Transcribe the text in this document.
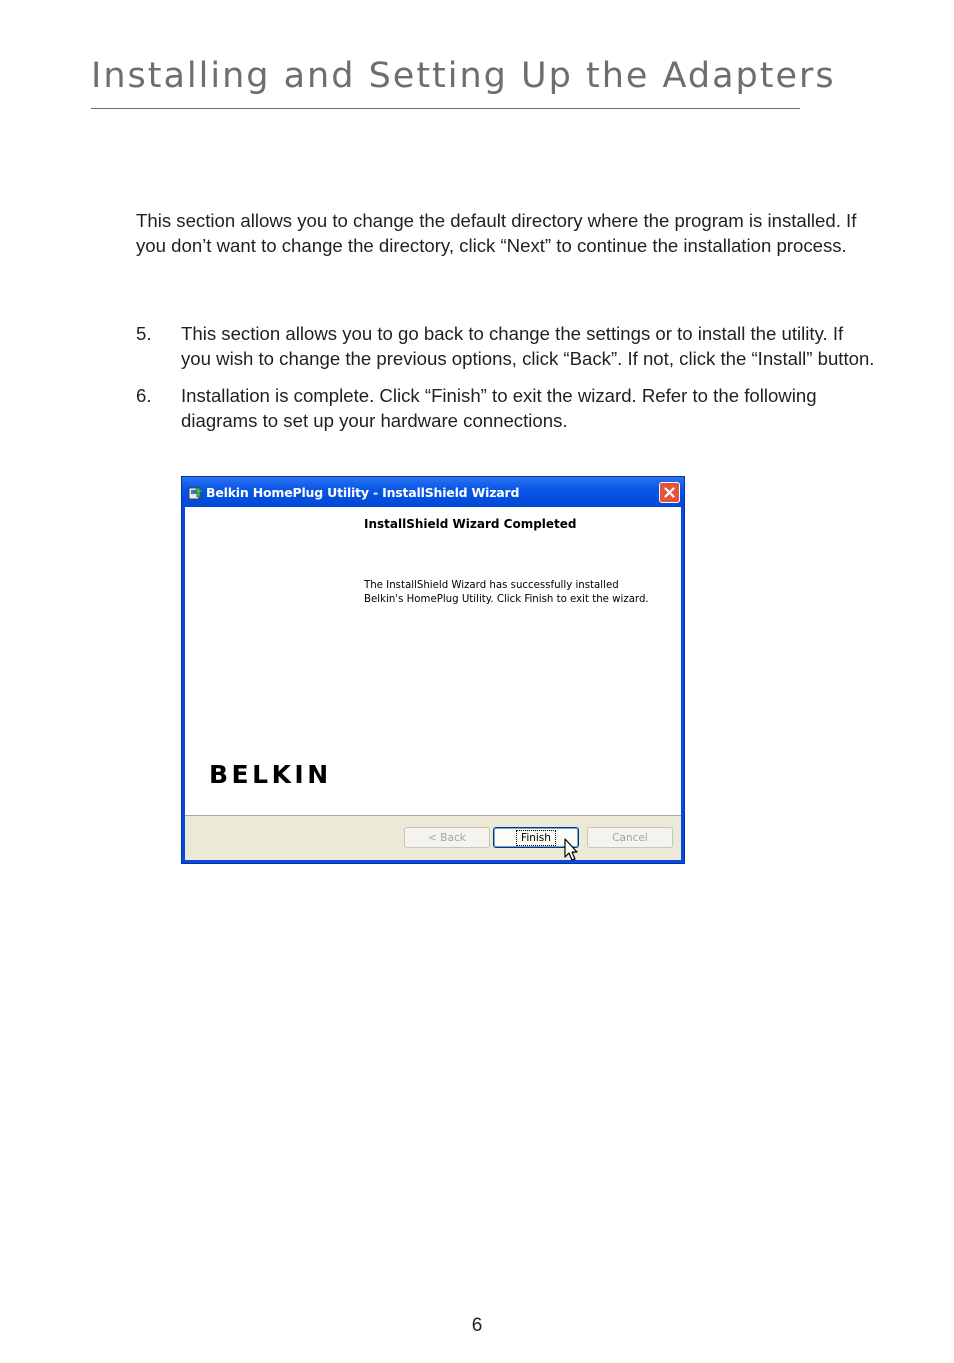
Installing and Setting Up the Adapters

This section allows you to change the default directory where the program is installed. If you don’t want to change the directory, click “Next” to continue the installation process.

5. This section allows you to go back to change the settings or to install the utility. If you wish to change the previous options, click “Back”. If not, click the “Install” button.
6. Installation is complete. Click “Finish” to exit the wizard. Refer to the following diagrams to set up your hardware connections.
Belkin HomePlug Utility - InstallShield Wizard

InstallShield Wizard Completed

The InstallShield Wizard has successfully installed Belkin's HomePlug Utility. Click Finish to exit the wizard.

BELKIN
< Back	Finish	Cancel
6
